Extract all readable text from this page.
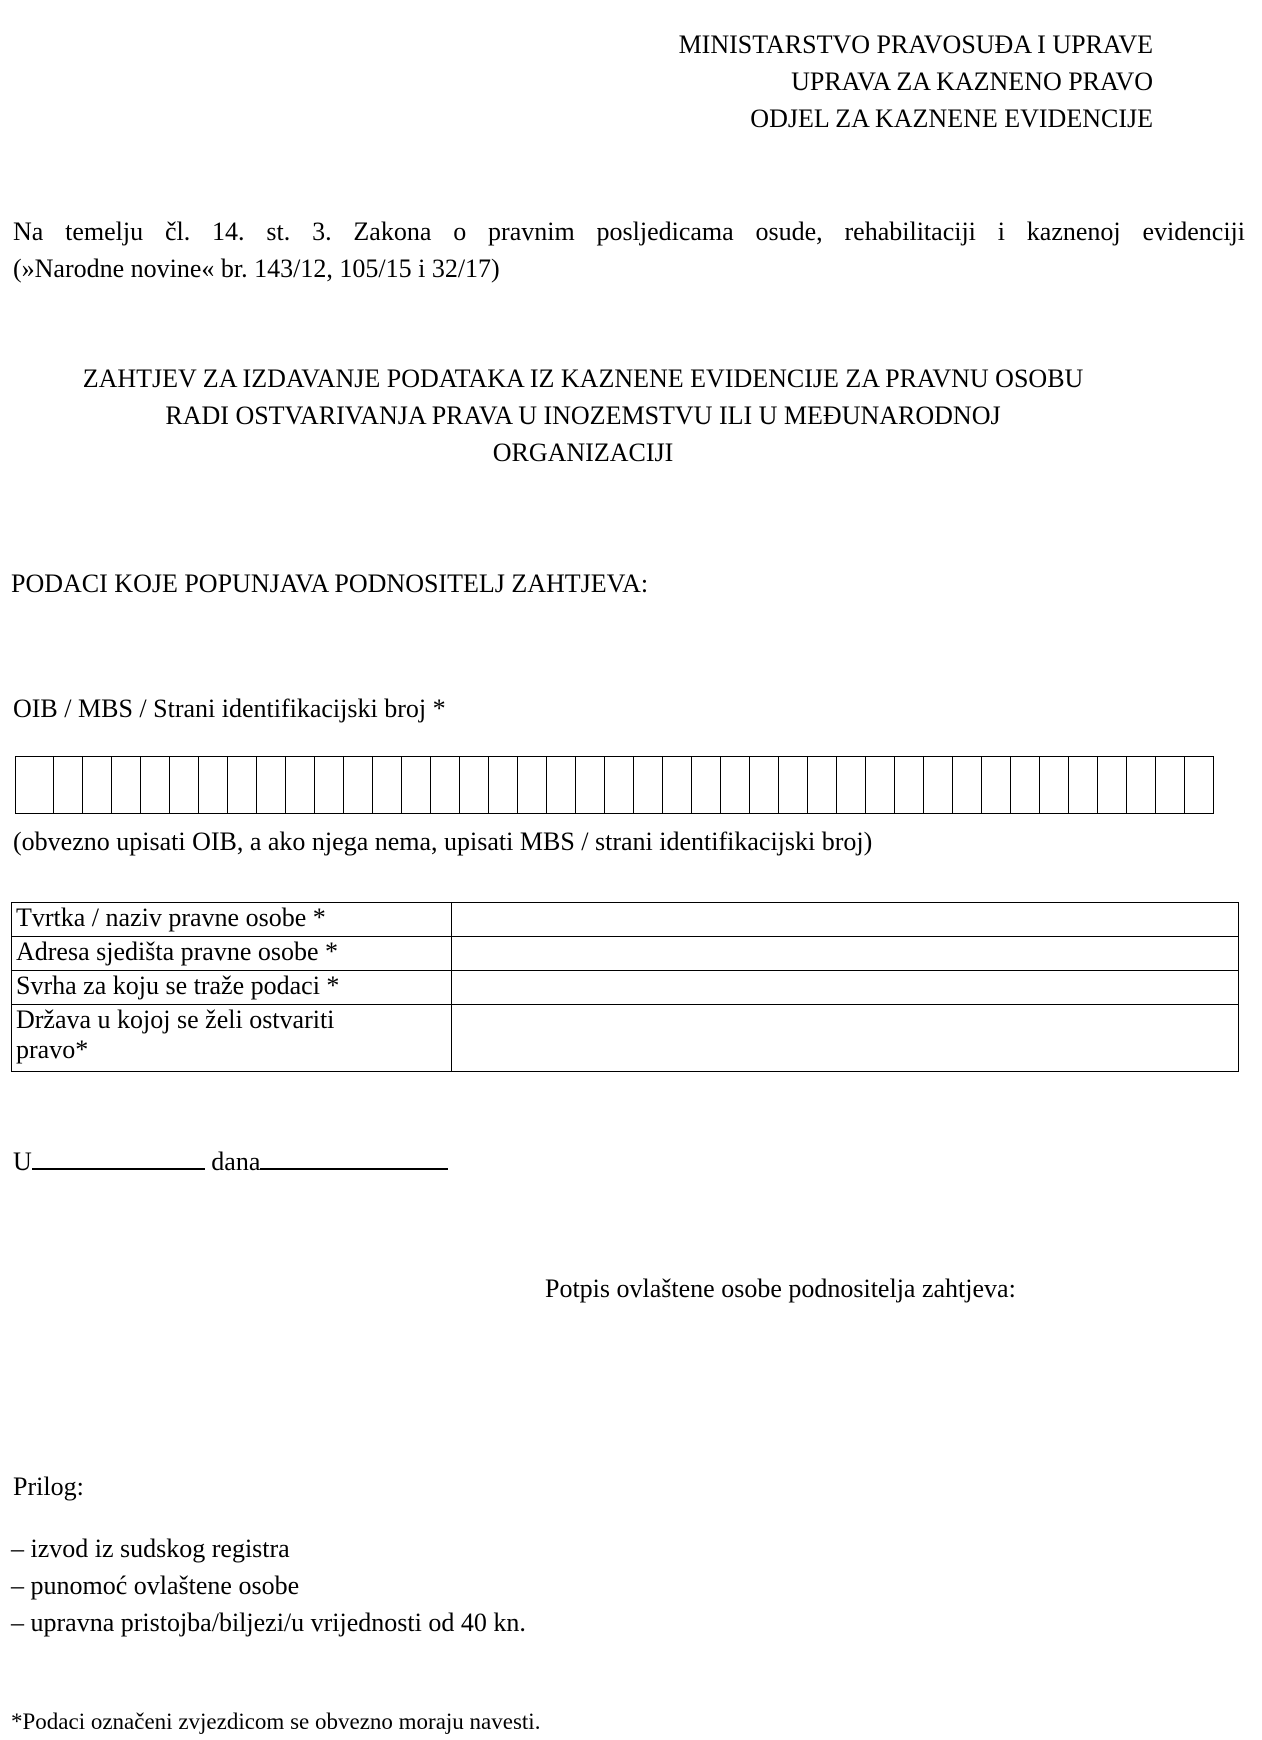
MINISTARSTVO PRAVOSUĐA I UPRAVE
UPRAVA ZA KAZNENO PRAVO
ODJEL ZA KAZNENE EVIDENCIJE
Na temelju čl. 14. st. 3. Zakona o pravnim posljedicama osude, rehabilitaciji i kaznenoj evidenciji
(»Narodne novine« br. 143/12, 105/15 i 32/17)
ZAHTJEV ZA IZDAVANJE PODATAKA IZ KAZNENE EVIDENCIJE ZA PRAVNU OSOBU
RADI OSTVARIVANJA PRAVA U INOZEMSTVU ILI U MEĐUNARODNOJ
ORGANIZACIJI
PODACI KOJE POPUNJAVA PODNOSITELJ ZAHTJEVA:
OIB / MBS / Strani identifikacijski broj *
(obvezno upisati OIB, a ako njega nema, upisati MBS / strani identifikacijski broj)
Tvrtka / naziv pravne osobe *	
Adresa sjedišta pravne osobe *	
Svrha za koju se traže podaci *	

Država u kojoj se želi ostvariti
pravo*	

U	dana
Potpis ovlaštene osobe podnositelja zahtjeva:
Prilog:
– izvod iz sudskog registra
– punomoć ovlaštene osobe
– upravna pristojba/biljezi/u vrijednosti od 40 kn.
*Podaci označeni zvjezdicom se obvezno moraju navesti.
